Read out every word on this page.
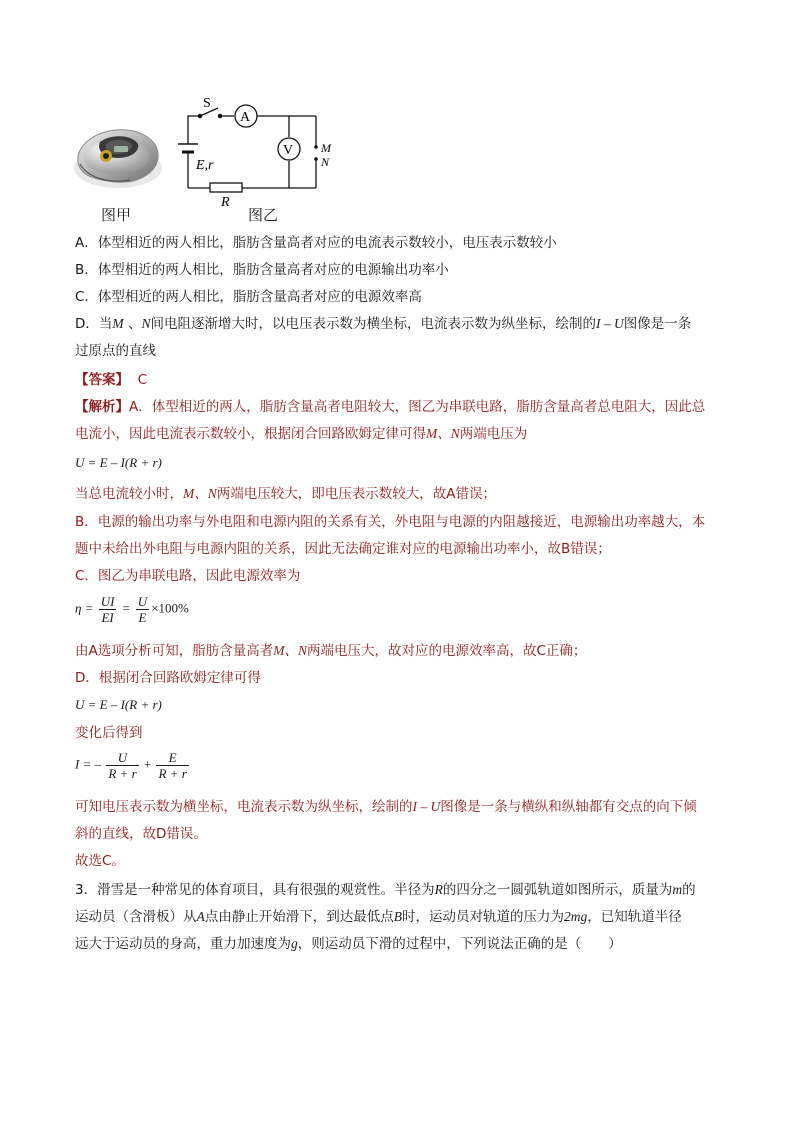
S
A
V
E,r
R
M
N
图甲	图乙
A．体型相近的两人相比，脂肪含量高者对应的电流表示数较小，电压表示数较小
B．体型相近的两人相比，脂肪含量高者对应的电源输出功率小
C．体型相近的两人相比，脂肪含量高者对应的电源效率高
D．当M 、N间电阻逐渐增大时，以电压表示数为横坐标，电流表示数为纵坐标，绘制的I – U图像是一条
过原点的直线
【答案】 C
【解析】A．体型相近的两人，脂肪含量高者电阻较大，图乙为串联电路，脂肪含量高者总电阻大，因此总
电流小，因此电流表示数较小，根据闭合回路欧姆定律可得M、N两端电压为
U = E – I(R + r)
当总电流较小时，M、N两端电压较大，即电压表示数较大，故A错误；
B．电源的输出功率与外电阻和电源内阻的关系有关，外电阻与电源的内阻越接近，电源输出功率越大，本
题中未给出外电阻与电源内阻的关系，因此无法确定谁对应的电源输出功率小，故B错误；
C．图乙为串联电路，因此电源效率为
$\eta = \frac{UI}{EI} = \frac{U}{E} \times 100\%$
由A选项分析可知，脂肪含量高者M、N两端电压大，故对应的电源效率高，故C正确；
D．根据闭合回路欧姆定律可得
U = E – I(R + r)
变化后得到
I = – $\frac{U}{R + r} + \frac{E}{R + r}$
可知电压表示数为横坐标，电流表示数为纵坐标，绘制的I – U图像是一条与横纵和纵轴都有交点的向下倾
斜的直线，故D错误。
故选C。
3．滑雪是一种常见的体育项目，具有很强的观赏性。半径为R的四分之一圆弧轨道如图所示，质量为m的
运动员（含滑板）从A点由静止开始滑下，到达最低点B时，运动员对轨道的压力为2mg，已知轨道半径
远大于运动员的身高，重力加速度为g，则运动员下滑的过程中，下列说法正确的是（　　）
